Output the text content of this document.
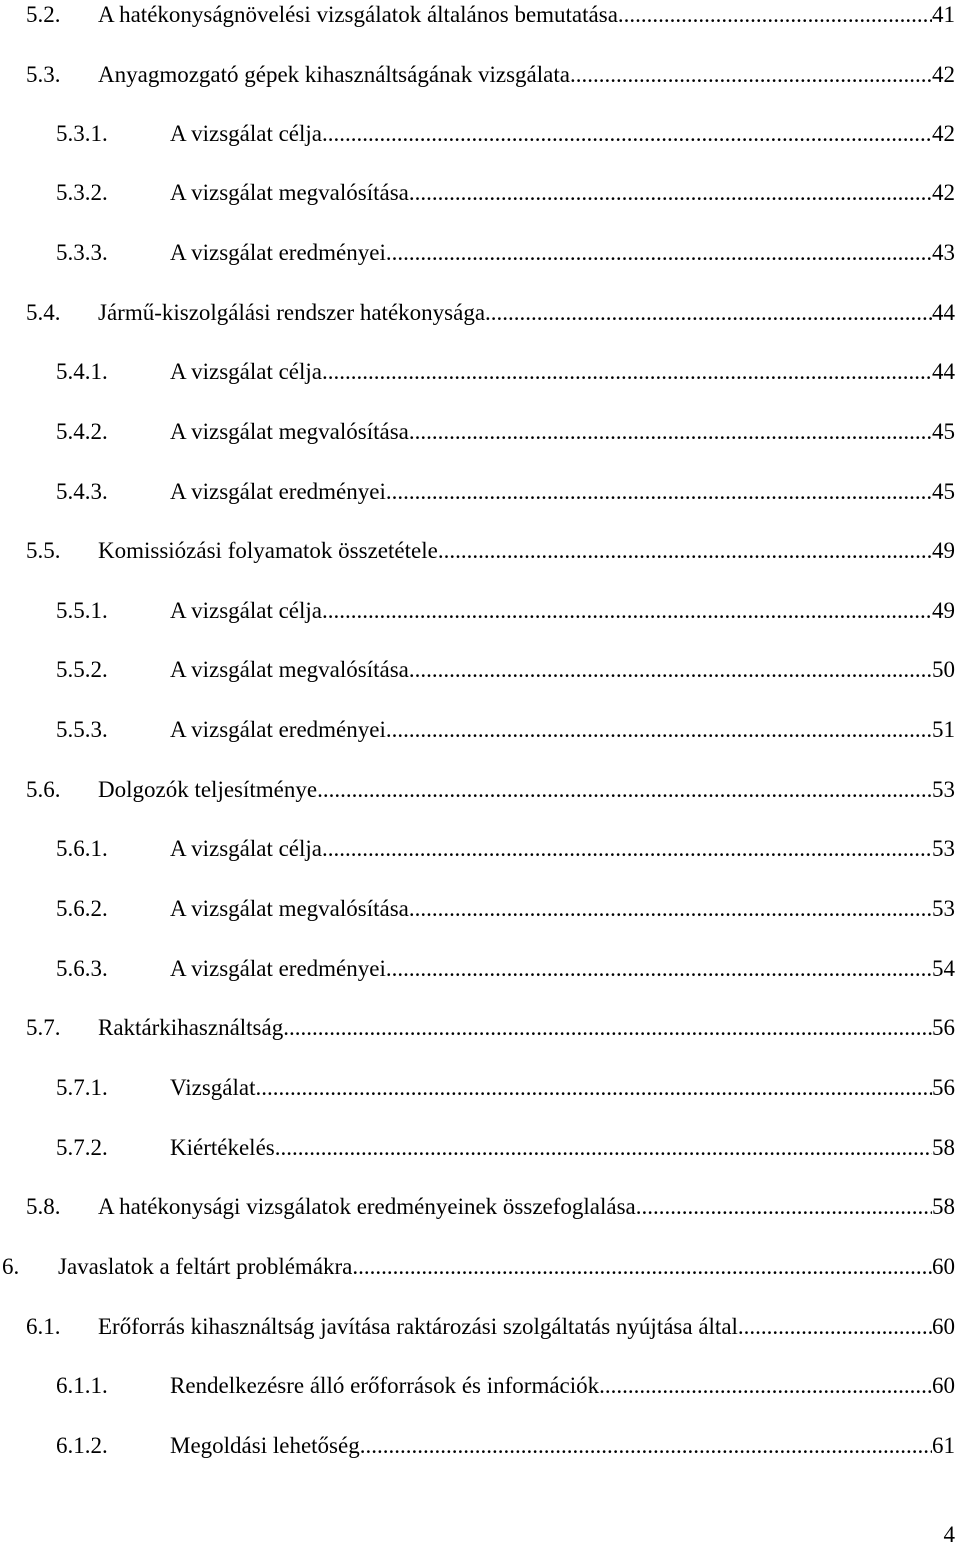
5.2.	A hatékonyságnövelési vizsgálatok általános bemutatása .....	41
5.3.	Anyagmozgató gépek kihasználtságának vizsgálata .....	42
5.3.1.	A vizsgálat célja .....	42
5.3.2.	A vizsgálat megvalósítása .....	42
5.3.3.	A vizsgálat eredményei .....	43
5.4.	Jármű-kiszolgálási rendszer hatékonysága .....	44
5.4.1.	A vizsgálat célja .....	44
5.4.2.	A vizsgálat megvalósítása .....	45
5.4.3.	A vizsgálat eredményei .....	45
5.5.	Komissiózási folyamatok összetétele .....	49
5.5.1.	A vizsgálat célja .....	49
5.5.2.	A vizsgálat megvalósítása .....	50
5.5.3.	A vizsgálat eredményei .....	51
5.6.	Dolgozók teljesítménye .....	53
5.6.1.	A vizsgálat célja .....	53
5.6.2.	A vizsgálat megvalósítása .....	53
5.6.3.	A vizsgálat eredményei .....	54
5.7.	Raktárkihasználtság .....	56
5.7.1.	Vizsgálat .....	56
5.7.2.	Kiértékelés .....	58
5.8.	A hatékonysági vizsgálatok eredményeinek összefoglalása .....	58
6.	Javaslatok a feltárt problémákra .....	60
6.1.	Erőforrás kihasználtság javítása raktározási szolgáltatás nyújtása által .....	60
6.1.1.	Rendelkezésre álló erőforrások és információk .....	60
6.1.2.	Megoldási lehetőség .....	61
4
